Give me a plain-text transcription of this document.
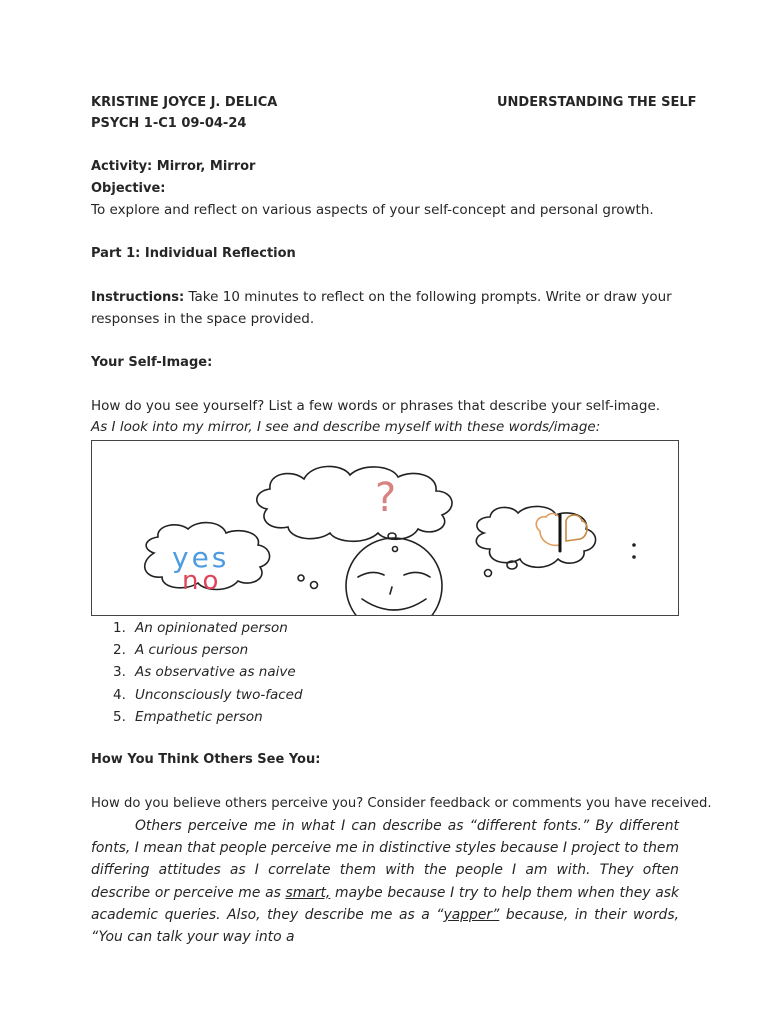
KRISTINE JOYCE J. DELICA	UNDERSTANDING THE SELF
PSYCH 1-C1 09-04-24
Activity: Mirror, Mirror
Objective:
To explore and reflect on various aspects of your self-concept and personal growth.
Part 1: Individual Reflection
Instructions: Take 10 minutes to reflect on the following prompts. Write or draw your
responses in the space provided.
Your Self-Image:
How do you see yourself? List a few words or phrases that describe your self-image.
As I look into my mirror, I see and describe myself with these words/image:
?
yes
no
1. An opinionated person
2. A curious person
3. As observative as naive
4. Unconsciously two-faced
5. Empathetic person
How You Think Others See You:
How do you believe others perceive you? Consider feedback or comments you have received.
Others perceive me in what I can describe as “different fonts.” By different fonts, I mean that people perceive me in distinctive styles because I project to them differing attitudes as I correlate them with the people I am with. They often describe or perceive me as smart, maybe because I try to help them when they ask academic queries. Also, they describe me as a “yapper” because, in their words, “You can talk your way into a
